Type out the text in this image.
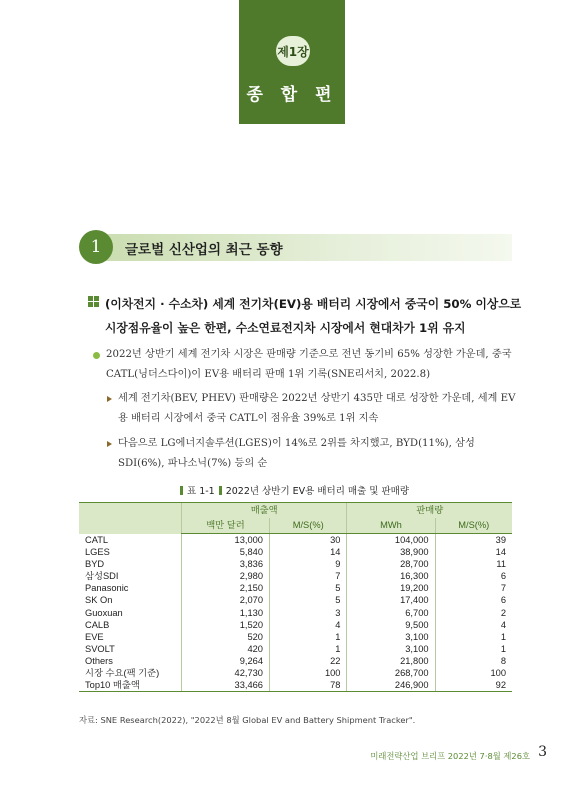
제1장
종 합 편
1	글로벌 신산업의 최근 동향
(이차전지 · 수소차) 세계 전기차(EV)용 배터리 시장에서 중국이 50% 이상으로 시장점유율이 높은 한편, 수소연료전지차 시장에서 현대차가 1위 유지
2022년 상반기 세계 전기차 시장은 판매량 기준으로 전년 동기비 65% 성장한 가운데, 중국 CATL(닝더스다이)이 EV용 배터리 판매 1위 기록(SNE리서치, 2022.8)
세계 전기차(BEV, PHEV) 판매량은 2022년 상반기 435만 대로 성장한 가운데, 세계 EV용 배터리 시장에서 중국 CATL이 점유율 39%로 1위 지속
다음으로 LG에너지솔루션(LGES)이 14%로 2위를 차지했고, BYD(11%), 삼성SDI(6%), 파나소닉(7%) 등의 순
표 1-1 2022년 상반기 EV용 배터리 매출 및 판매량
	매출액		판매량	
	백만 달러	M/S(%)	MWh	M/S(%)
CATL	13,000	30	104,000	39
LGES	5,840	14	38,900	14
BYD	3,836	9	28,700	11
삼성SDI	2,980	7	16,300	6
Panasonic	2,150	5	19,200	7
SK On	2,070	5	17,400	6
Guoxuan	1,130	3	6,700	2
CALB	1,520	4	9,500	4
EVE	520	1	3,100	1
SVOLT	420	1	3,100	1
Others	9,264	22	21,800	8
시장 수요(팩 기준)	42,730	100	268,700	100
Top10 매출액	33,466	78	246,900	92
자료: SNE Research(2022), "2022년 8월 Global EV and Battery Shipment Tracker".
미래전략산업 브리프 2022년 7·8월 제26호 3
